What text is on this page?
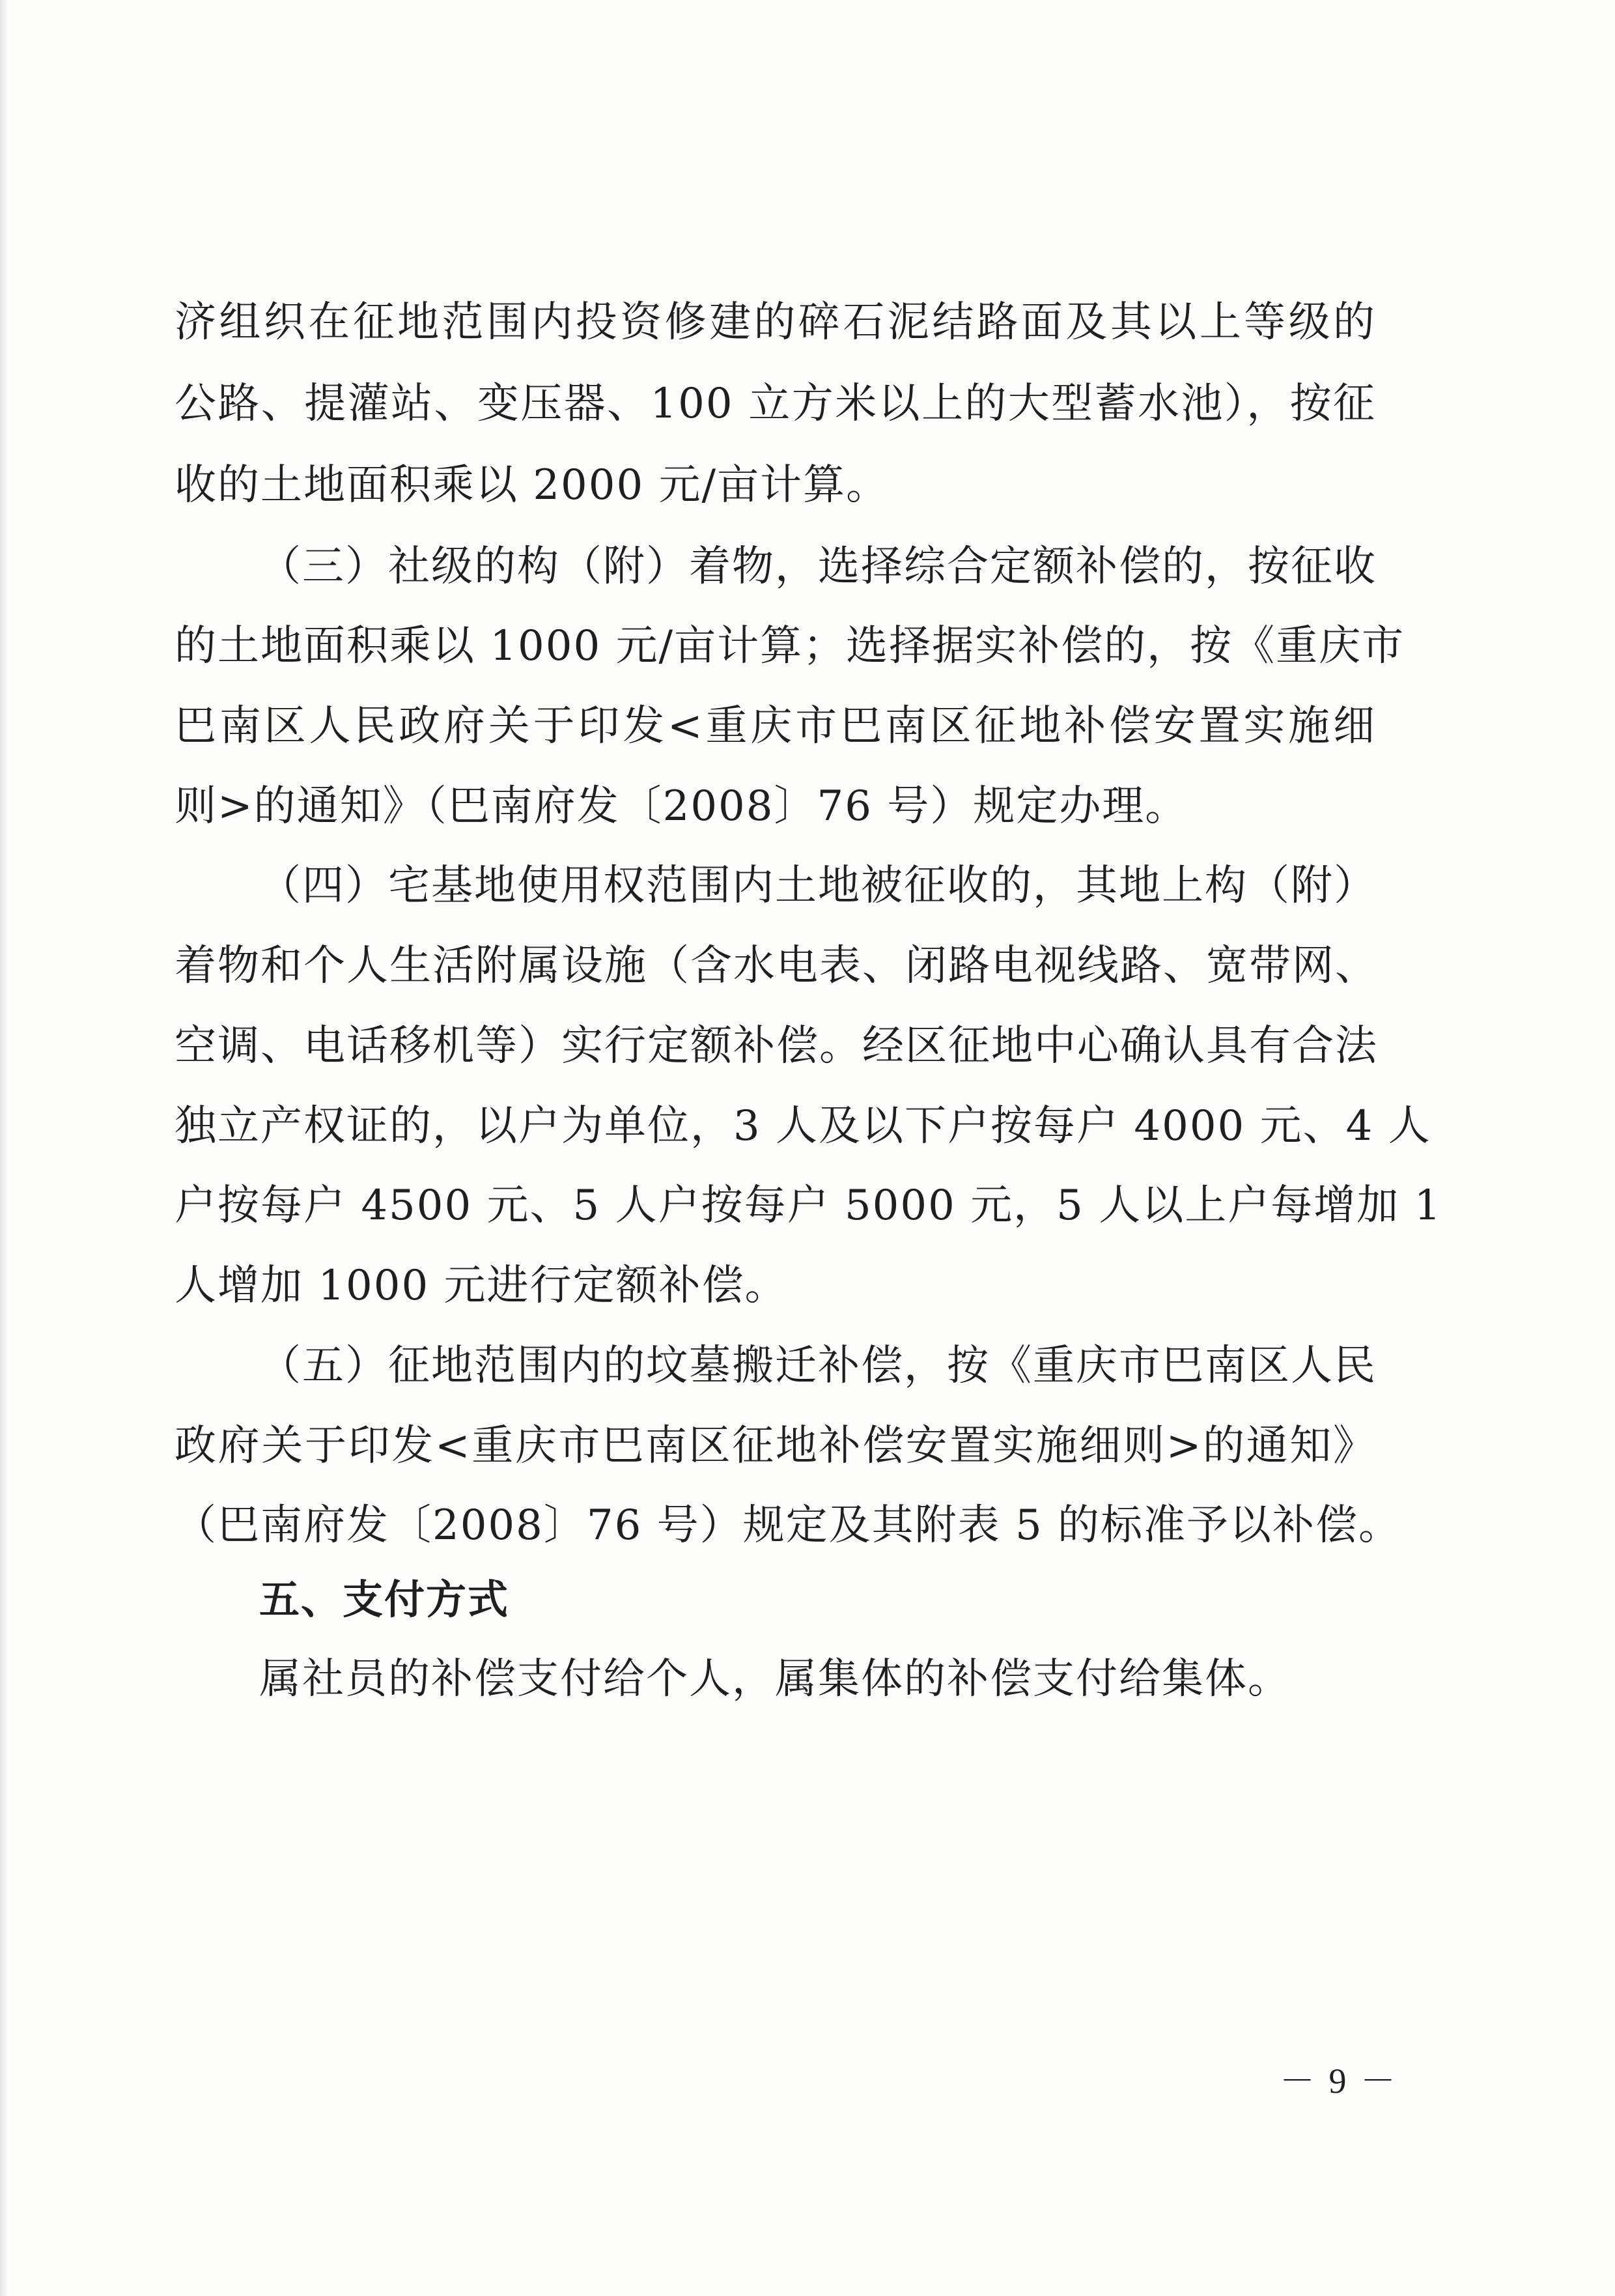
济组织在征地范围内投资修建的碎石泥结路面及其以上等级的
公路、提灌站、变压器、100 立方米以上的大型蓄水池），按征
收的土地面积乘以 2000 元/亩计算。
（三）社级的构（附）着物，选择综合定额补偿的，按征收
的土地面积乘以 1000 元/亩计算；选择据实补偿的，按《重庆市
巴南区人民政府关于印发<重庆市巴南区征地补偿安置实施细
则>的通知》（巴南府发〔2008〕76 号）规定办理。
（四）宅基地使用权范围内土地被征收的，其地上构（附）
着物和个人生活附属设施（含水电表、闭路电视线路、宽带网、
空调、电话移机等）实行定额补偿。经区征地中心确认具有合法
独立产权证的，以户为单位，3 人及以下户按每户 4000 元、4 人
户按每户 4500 元、5 人户按每户 5000 元，5 人以上户每增加 1
人增加 1000 元进行定额补偿。
（五）征地范围内的坟墓搬迁补偿，按《重庆市巴南区人民
政府关于印发<重庆市巴南区征地补偿安置实施细则>的通知》
（巴南府发〔2008〕76 号）规定及其附表 5 的标准予以补偿。
五、支付方式
属社员的补偿支付给个人，属集体的补偿支付给集体。
－ 9 －
